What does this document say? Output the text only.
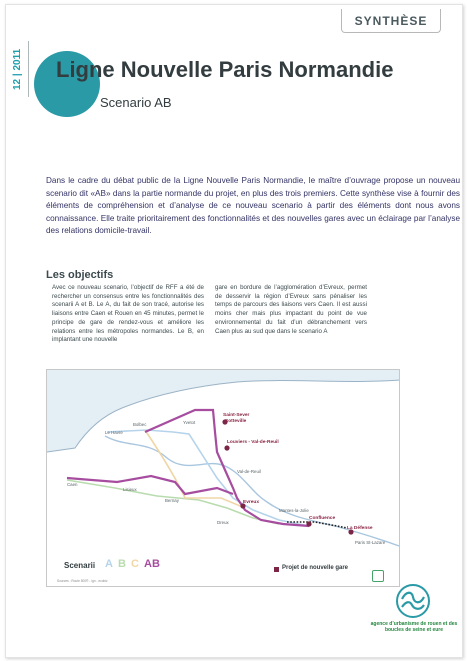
SYNTHÈSE
12 | 2011 Ligne Nouvelle Paris Normandie
Scenario AB

Dans le cadre du débat public de la Ligne Nouvelle Paris Normandie, le maître d’ouvrage propose un nouveau scenario dit «AB» dans la partie normande du projet, en plus des trois premiers. Cette synthèse vise à fournir des éléments de compréhension et d’analyse de ce nouveau scenario à partir des éléments dont nous avons connaissance. Elle traite prioritairement des fonctionnalités et des nouvelles gares avec un éclairage par l’analyse des relations domicile-travail.

Les objectifs

Avec ce nouveau scenario, l’objectif de RFF a été de rechercher un consensus entre les fonctionnalités des scenarii A et B. Le A, du fait de son tracé, autorise les liaisons entre Caen et Rouen en 45 minutes, permet le principe de gare de rendez-vous et améliore les relations entre les métropoles normandes. Le B, en implantant une nouvelle

gare en bordure de l’agglomération d’Evreux, permet de desservir la région d’Evreux sans pénaliser les temps de parcours des liaisons vers Caen. Il est aussi moins cher mais plus impactant du point de vue environnemental du fait d’un débranchement vers Caen plus au sud que dans le scenario A

Le Havre
Yvetot
Bolbec
Saint-Sever
Sotteville
Louviers - Val-de-Reuil
Val-de-Reuil
Caen
Lisieux
Bernay	Evreux
Mantes-la-Jolie
Confluence
La Défense
Paris St-Lazare
Dreux
Scenarii A B C AB	Projet de nouvelle gare
Sources : Route 500® - ign - ecobiz
agence d’urbanisme de rouen et des boucles de seine et eure
